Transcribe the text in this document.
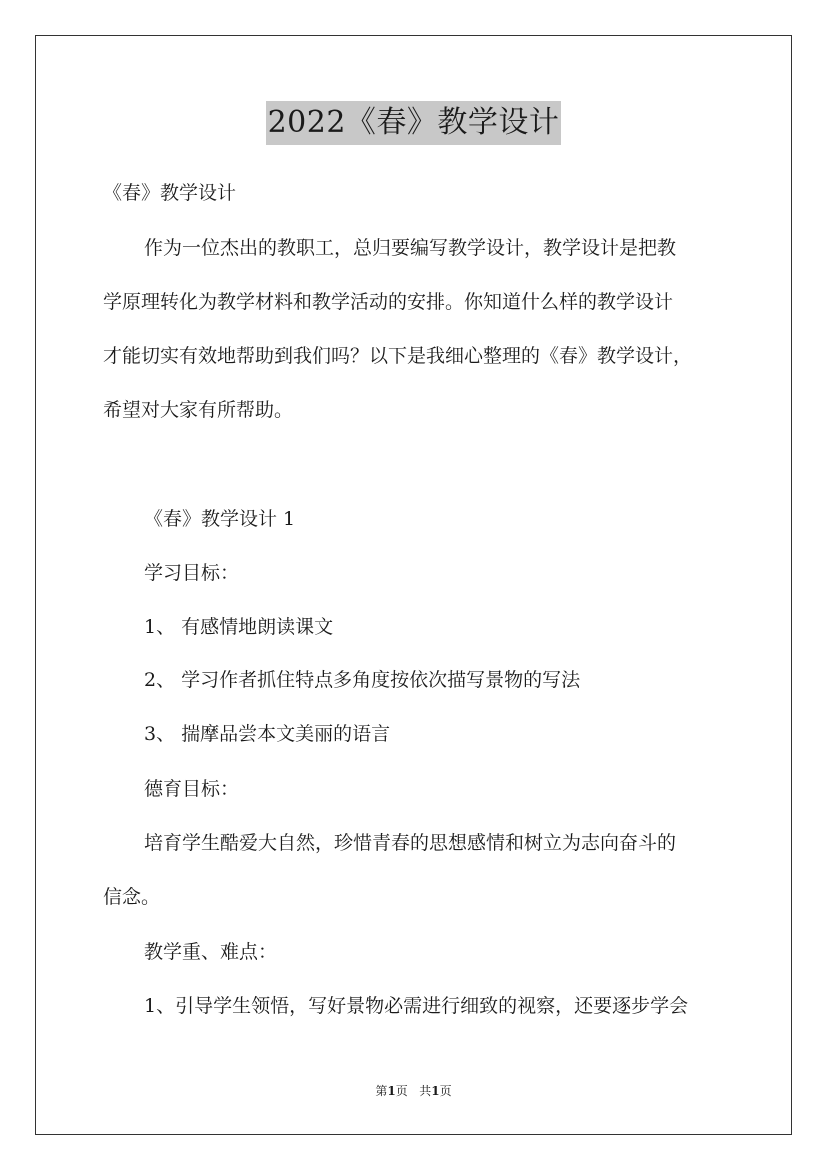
2022《春》教学设计
《春》教学设计
作为一位杰出的教职工，总归要编写教学设计，教学设计是把教
学原理转化为教学材料和教学活动的安排。你知道什么样的教学设计
才能切实有效地帮助到我们吗？以下是我细心整理的《春》教学设计，
希望对大家有所帮助。
《春》教学设计 1
学习目标：
1、 有感情地朗读课文
2、 学习作者抓住特点多角度按依次描写景物的写法
3、 揣摩品尝本文美丽的语言
德育目标：
培育学生酷爱大自然，珍惜青春的思想感情和树立为志向奋斗的
信念。
教学重、难点：
1、引导学生领悟，写好景物必需进行细致的视察，还要逐步学会
第1页 共1页
